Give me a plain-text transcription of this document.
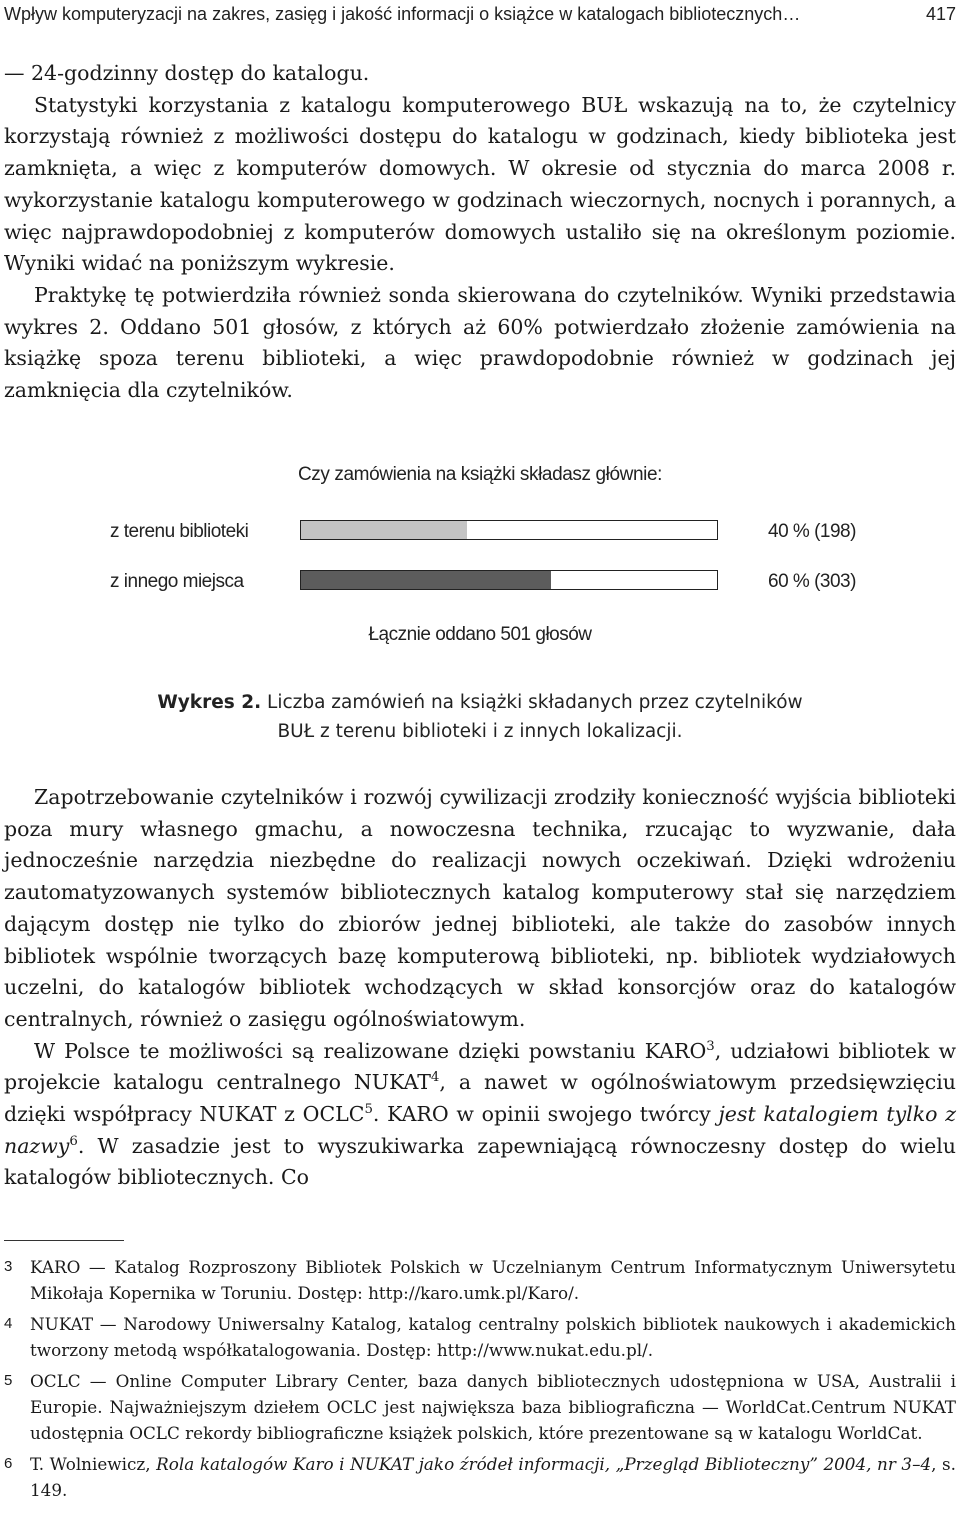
Wpływ komputeryzacji na zakres, zasięg i jakość informacji o książce w katalogach bibliotecznych…	417

— 24-godzinny dostęp do katalogu.

Statystyki korzystania z katalogu komputerowego BUŁ wskazują na to, że czytelnicy korzystają również z możliwości dostępu do katalogu w godzinach, kiedy biblioteka jest zamknięta, a więc z komputerów domowych. W okresie od stycznia do marca 2008 r. wykorzystanie katalogu komputerowego w godzinach wieczornych, nocnych i porannych, a więc najprawdopodobniej z komputerów domowych ustaliło się na określonym poziomie. Wyniki widać na poniższym wykresie.

Praktykę tę potwierdziła również sonda skierowana do czytelników. Wyniki przedstawia wykres 2. Oddano 501 głosów, z których aż 60% potwierdzało złożenie zamówienia na książkę spoza terenu biblioteki, a więc prawdopodobnie również w godzinach jej zamknięcia dla czytelników.

Czy zamówienia na książki składasz głównie:
z terenu biblioteki	40 % (198)
z innego miejsca	60 % (303)
Łącznie oddano 501 głosów
Wykres 2. Liczba zamówień na książki składanych przez czytelników
BUŁ z terenu biblioteki i z innych lokalizacji.

Zapotrzebowanie czytelników i rozwój cywilizacji zrodziły konieczność wyjścia biblioteki poza mury własnego gmachu, a nowoczesna technika, rzucając to wyzwanie, dała jednocześnie narzędzia niezbędne do realizacji nowych oczekiwań. Dzięki wdrożeniu zautomatyzowanych systemów bibliotecznych katalog komputerowy stał się narzędziem dającym dostęp nie tylko do zbiorów jednej biblioteki, ale także do zasobów innych bibliotek wspólnie tworzących bazę komputerową biblioteki, np. bibliotek wydziałowych uczelni, do katalogów bibliotek wchodzących w skład konsorcjów oraz do katalogów centralnych, również o zasięgu ogólnoświatowym.

W Polsce te możliwości są realizowane dzięki powstaniu KARO$^3$, udziałowi bibliotek w projekcie katalogu centralnego NUKAT$^4$, a nawet w ogólnoświatowym przedsięwzięciu dzięki współpracy NUKAT z OCLC$^5$. KARO w opinii swojego twórcy jest katalogiem tylko z nazwy$^6$. W zasadzie jest to wyszukiwarka zapewniającą równoczesny dostęp do wielu katalogów bibliotecznych. Co

3 KARO — Katalog Rozproszony Bibliotek Polskich w Uczelnianym Centrum Informatycznym Uniwersytetu Mikołaja Kopernika w Toruniu. Dostęp: http://karo.umk.pl/Karo/.
4 NUKAT — Narodowy Uniwersalny Katalog, katalog centralny polskich bibliotek naukowych i akademickich tworzony metodą współkatalogowania. Dostęp: http://www.nukat.edu.pl/.
5 OCLC — Online Computer Library Center, baza danych bibliotecznych udostępniona w USA, Australii i Europie. Najważniejszym dziełem OCLC jest największa baza bibliograficzna — WorldCat.Centrum NUKAT udostępnia OCLC rekordy bibliograficzne książek polskich, które prezentowane są w katalogu WorldCat.
6 T. Wolniewicz, Rola katalogów Karo i NUKAT jako źródeł informacji, „Przegląd Biblioteczny” 2004, nr 3–4, s. 149.
